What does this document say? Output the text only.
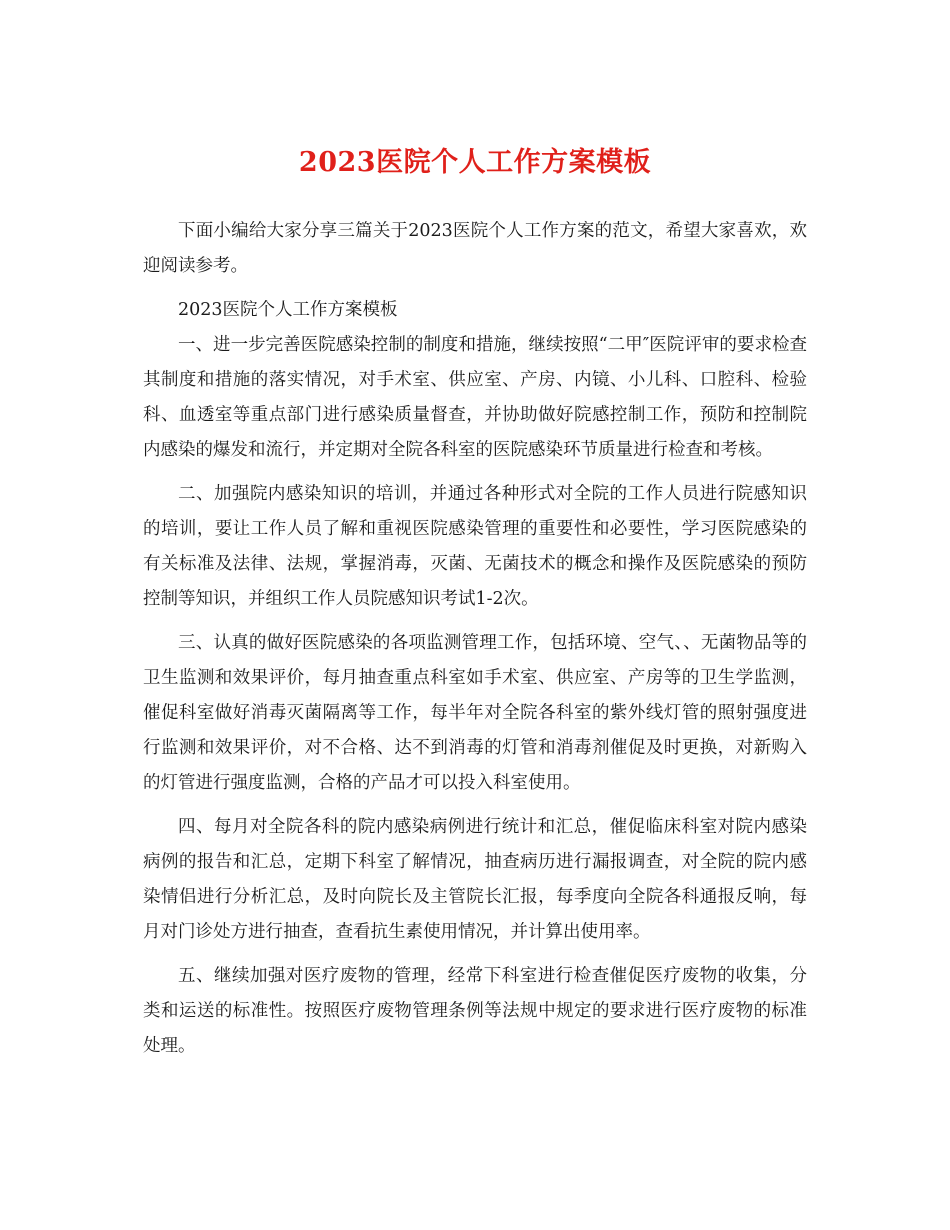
2023医院个人工作方案模板

下面小编给大家分享三篇关于2023医院个人工作方案的范文，希望大家喜欢，欢迎阅读参考。

2023医院个人工作方案模板

一、进一步完善医院感染控制的制度和措施，继续按照“二甲″医院评审的要求检查其制度和措施的落实情况，对手术室、供应室、产房、内镜、小儿科、口腔科、检验科、血透室等重点部门进行感染质量督查，并协助做好院感控制工作，预防和控制院内感染的爆发和流行，并定期对全院各科室的医院感染环节质量进行检查和考核。

二、加强院内感染知识的培训，并通过各种形式对全院的工作人员进行院感知识的培训，要让工作人员了解和重视医院感染管理的重要性和必要性，学习医院感染的有关标准及法律、法规，掌握消毒，灭菌、无菌技术的概念和操作及医院感染的预防控制等知识，并组织工作人员院感知识考试1-2次。

三、认真的做好医院感染的各项监测管理工作，包括环境、空气、、无菌物品等的卫生监测和效果评价，每月抽查重点科室如手术室、供应室、产房等的卫生学监测，催促科室做好消毒灭菌隔离等工作，每半年对全院各科室的紫外线灯管的照射强度进行监测和效果评价，对不合格、达不到消毒的灯管和消毒剂催促及时更换，对新购入的灯管进行强度监测，合格的产品才可以投入科室使用。

四、每月对全院各科的院内感染病例进行统计和汇总，催促临床科室对院内感染病例的报告和汇总，定期下科室了解情况，抽查病历进行漏报调查，对全院的院内感染情侣进行分析汇总，及时向院长及主管院长汇报，每季度向全院各科通报反响，每月对门诊处方进行抽查，查看抗生素使用情况，并计算出使用率。

五、继续加强对医疗废物的管理，经常下科室进行检查催促医疗废物的收集，分类和运送的标准性。按照医疗废物管理条例等法规中规定的要求进行医疗废物的标准处理。
